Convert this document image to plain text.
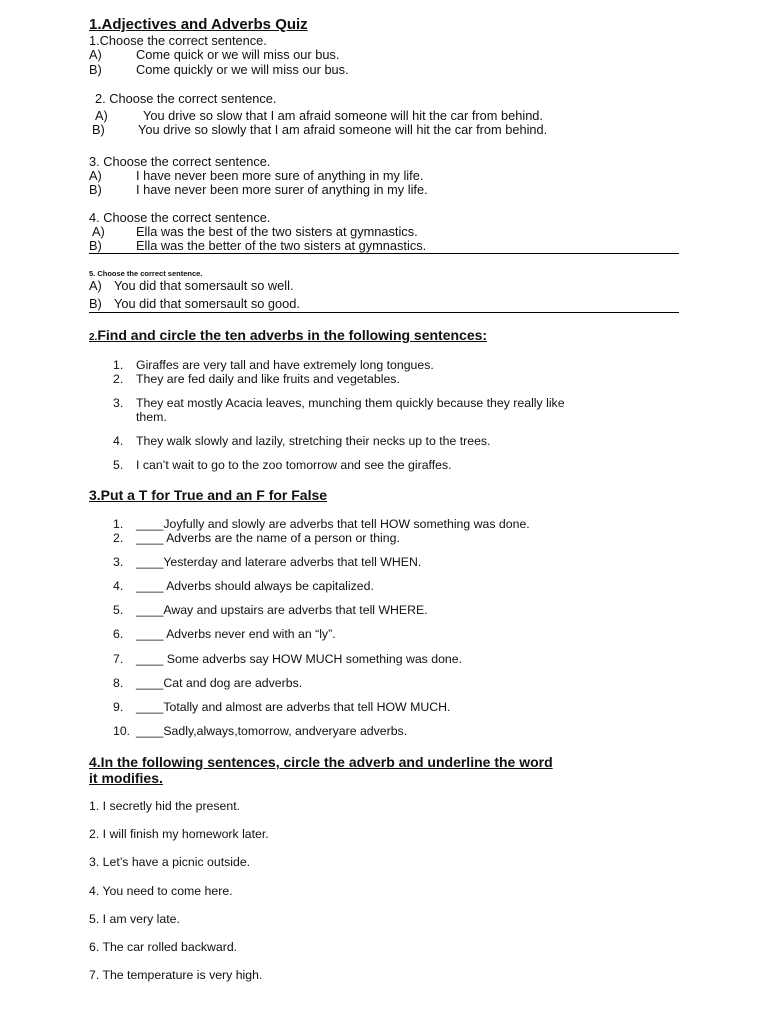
1.Adjectives and Adverbs Quiz
1.Choose the correct sentence.
A)	Come quick or we will miss our bus.
B)	Come quickly or we will miss our bus.
2. Choose the correct sentence.
A)	You drive so slow that I am afraid someone will hit the car from behind.
B)	You drive so slowly that I am afraid someone will hit the car from behind.
3. Choose the correct sentence.
A)	I have never been more sure of anything in my life.
B)	I have never been more surer of anything in my life.
4. Choose the correct sentence.
A) Ella was the best of the two sisters at gymnastics.
B)	Ella was the better of the two sisters at gymnastics.
5. Choose the correct sentence.
A) You did that somersault so well.
B) You did that somersault so good.
2.Find and circle the ten adverbs in the following sentences:
1. Giraffes are very tall and have extremely long tongues.
2. They are fed daily and like fruits and vegetables.
3. They eat mostly Acacia leaves, munching them quickly because they really like
them.
4. They walk slowly and lazily, stretching their necks up to the trees.
5. I can’t wait to go to the zoo tomorrow and see the giraffes.
3.Put a T for True and an F for False
1. ____Joyfully and slowly are adverbs that tell HOW something was done.
2. ____ Adverbs are the name of a person or thing.
3. ____Yesterday and laterare adverbs that tell WHEN.
4. ____ Adverbs should always be capitalized.
5. ____Away and upstairs are adverbs that tell WHERE.
6. ____ Adverbs never end with an “ly”.
7. ____ Some adverbs say HOW MUCH something was done.
8. ____Cat and dog are adverbs.
9. ____Totally and almost are adverbs that tell HOW MUCH.
10. ____Sadly,always,tomorrow, andveryare adverbs.
4.In the following sentences, circle the adverb and underline the word
it modifies.
1. I secretly hid the present.
2. I will finish my homework later.
3. Let’s have a picnic outside.
4. You need to come here.
5. I am very late.
6. The car rolled backward.
7. The temperature is very high.
